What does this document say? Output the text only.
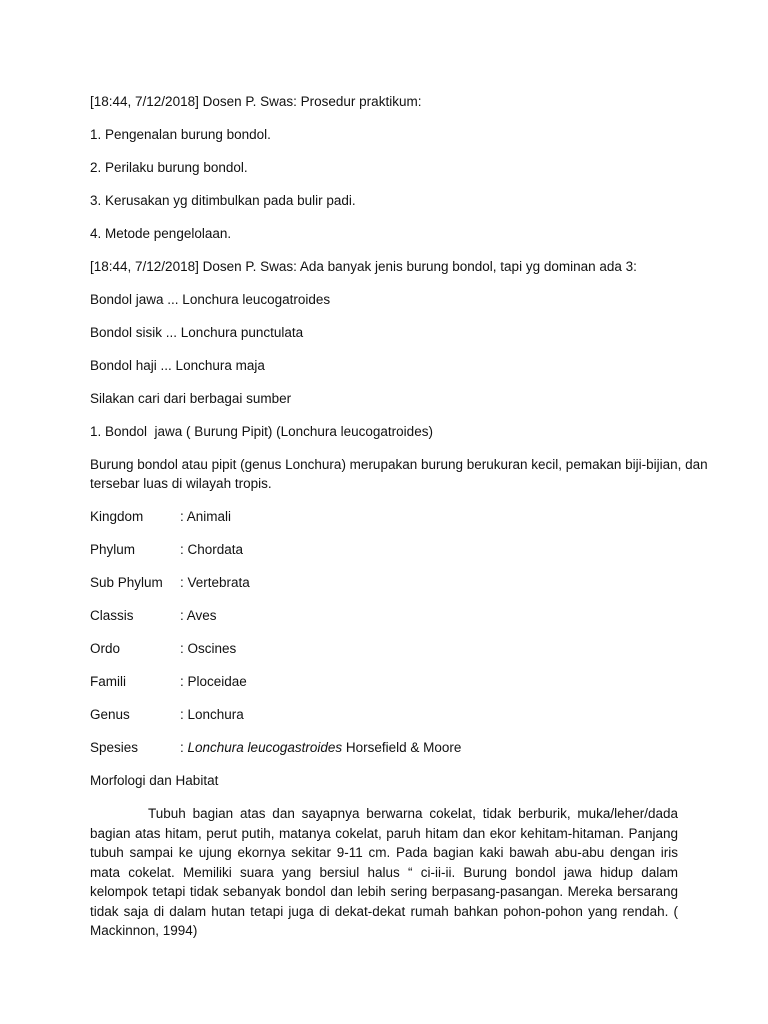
[18:44, 7/12/2018] Dosen P. Swas: Prosedur praktikum:
1. Pengenalan burung bondol.
2. Perilaku burung bondol.
3. Kerusakan yg ditimbulkan pada bulir padi.
4. Metode pengelolaan.
[18:44, 7/12/2018] Dosen P. Swas: Ada banyak jenis burung bondol, tapi yg dominan ada 3:
Bondol jawa ... Lonchura leucogatroides
Bondol sisik ... Lonchura punctulata
Bondol haji ... Lonchura maja
Silakan cari dari berbagai sumber
1. Bondol  jawa ( Burung Pipit) (Lonchura leucogatroides)
Burung bondol atau pipit (genus Lonchura) merupakan burung berukuran kecil, pemakan biji-bijian, dan
tersebar luas di wilayah tropis.
Kingdom	: Animali
Phylum	: Chordata
Sub Phylum : Vertebrata
Classis	: Aves
Ordo	: Oscines
Famili	: Ploceidae
Genus	: Lonchura
Spesies	: Lonchura leucogastroides Horsefield & Moore
Morfologi dan Habitat
Tubuh bagian atas dan sayapnya berwarna cokelat, tidak berburik, muka/leher/dada bagian atas hitam, perut putih, matanya cokelat, paruh hitam dan ekor kehitam-hitaman. Panjang tubuh sampai ke ujung ekornya sekitar 9-11 cm. Pada bagian kaki bawah abu-abu dengan iris mata cokelat. Memiliki suara yang bersiul halus “ ci-ii-ii. Burung bondol jawa hidup dalam kelompok tetapi tidak sebanyak bondol dan lebih sering berpasang-pasangan. Mereka bersarang tidak saja di dalam hutan tetapi juga di dekat-dekat rumah bahkan pohon-pohon yang rendah. ( Mackinnon, 1994)
